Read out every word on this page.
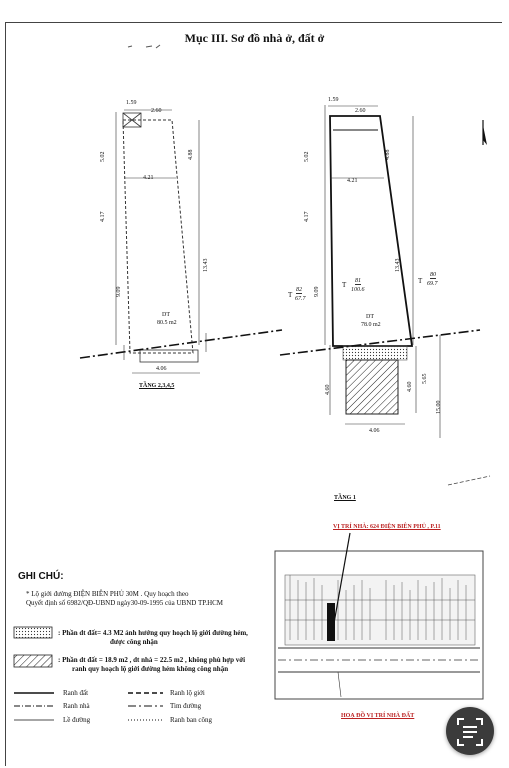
Mục III. Sơ đồ nhà ở, đất ở
1.59
2.60
5.02
4.17
9.09
4.88
13.43
4.21
DT
80.5 m2
4.06
TẦNG 2,3,4,5
1.59
2.60
5.02
4.17
9.09
4.88
13.43
4.21
DT
78.0 m2
4.06
4.60	4.60
5.65
15.00
TẦNG 1
T
82
67.7
T 81
100.6
T
80
69.7
VỊ TRÍ NHÀ: 624 ĐIỆN BIÊN PHỦ , P.11
HOẠ ĐỒ VỊ TRÍ NHÀ ĐẤT
GHI CHÚ:
* Lộ giới đường ĐIỆN BIÊN PHỦ 30M . Quy hoạch theo
Quyết định số 6982/QĐ-UBND ngày30-09-1995 của UBND TP.HCM
: Phần dt đất= 4.3 M2 ảnh hưởng quy hoạch lộ giới đường hẻm,
được công nhận
: Phần dt đất = 18.9 m2 , dt nhà = 22.5 m2 , không phù hợp với
ranh quy hoạch lộ giới đường hẻm không công nhận
Ranh đất
Ranh nhà
Lề đường
Ranh lộ giới
Tim đường
Ranh ban công
